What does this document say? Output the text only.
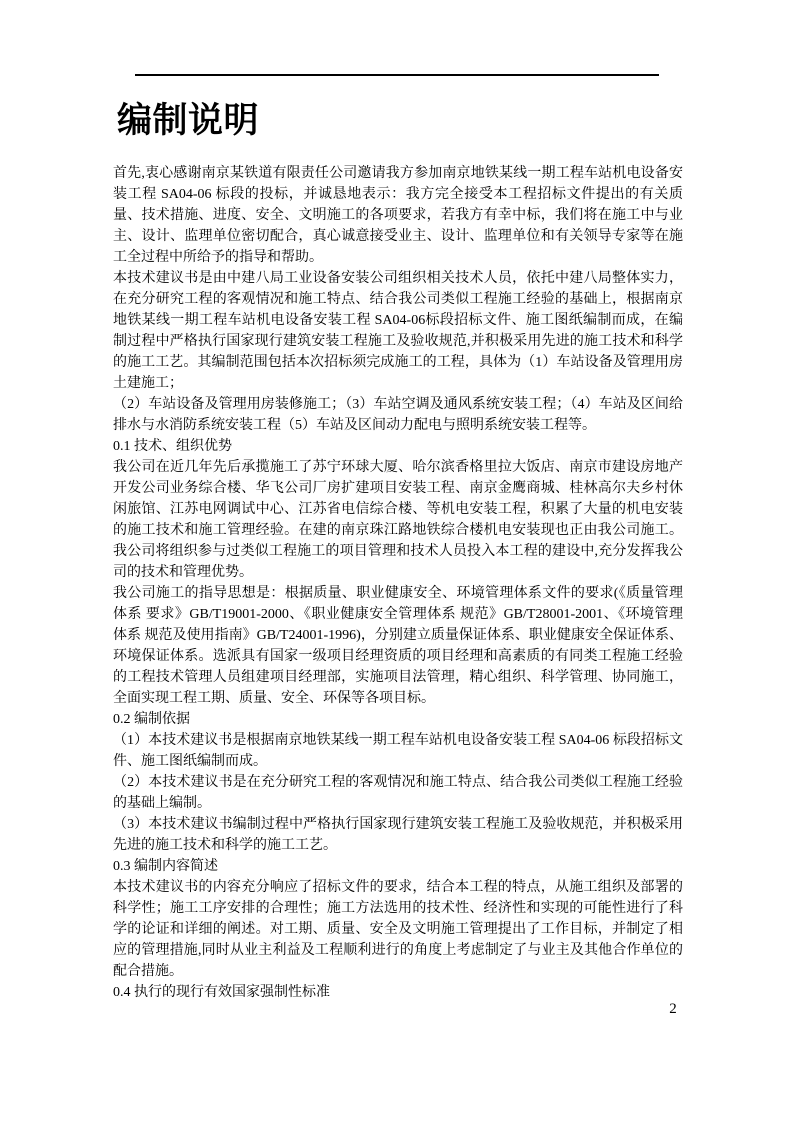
编制说明

首先,衷心感谢南京某铁道有限责任公司邀请我方参加南京地铁某线一期工程车站机电设备安装工程 SA04-06 标段的投标，并诚恳地表示：我方完全接受本工程招标文件提出的有关质量、技术措施、进度、安全、文明施工的各项要求，若我方有幸中标，我们将在施工中与业主、设计、监理单位密切配合，真心诚意接受业主、设计、监理单位和有关领导专家等在施工全过程中所给予的指导和帮助。

本技术建议书是由中建八局工业设备安装公司组织相关技术人员，依托中建八局整体实力，在充分研究工程的客观情况和施工特点、结合我公司类似工程施工经验的基础上，根据南京地铁某线一期工程车站机电设备安装工程 SA04-06标段招标文件、施工图纸编制而成，在编制过程中严格执行国家现行建筑安装工程施工及验收规范,并积极采用先进的施工技术和科学的施工工艺。其编制范围包括本次招标须完成施工的工程，具体为（1）车站设备及管理用房土建施工；

（2）车站设备及管理用房装修施工；（3）车站空调及通风系统安装工程；（4）车站及区间给排水与水消防系统安装工程（5）车站及区间动力配电与照明系统安装工程等。

0.1 技术、组织优势

我公司在近几年先后承揽施工了苏宁环球大厦、哈尔滨香格里拉大饭店、南京市建设房地产开发公司业务综合楼、华飞公司厂房扩建项目安装工程、南京金鹰商城、桂林高尔夫乡村休闲旅馆、江苏电网调试中心、江苏省电信综合楼、等机电安装工程，积累了大量的机电安装的施工技术和施工管理经验。在建的南京珠江路地铁综合楼机电安装现也正由我公司施工。我公司将组织参与过类似工程施工的项目管理和技术人员投入本工程的建设中,充分发挥我公司的技术和管理优势。

我公司施工的指导思想是：根据质量、职业健康安全、环境管理体系文件的要求(《质量管理体系 要求》GB/T19001-2000、《职业健康安全管理体系 规范》GB/T28001-2001、《环境管理体系 规范及使用指南》GB/T24001-1996)，分别建立质量保证体系、职业健康安全保证体系、环境保证体系。选派具有国家一级项目经理资质的项目经理和高素质的有同类工程施工经验的工程技术管理人员组建项目经理部，实施项目法管理，精心组织、科学管理、协同施工，全面实现工程工期、质量、安全、环保等各项目标。

0.2 编制依据

（1）本技术建议书是根据南京地铁某线一期工程车站机电设备安装工程 SA04-06 标段招标文件、施工图纸编制而成。

（2）本技术建议书是在充分研究工程的客观情况和施工特点、结合我公司类似工程施工经验的基础上编制。

（3）本技术建议书编制过程中严格执行国家现行建筑安装工程施工及验收规范，并积极采用先进的施工技术和科学的施工工艺。

0.3 编制内容简述

本技术建议书的内容充分响应了招标文件的要求，结合本工程的特点，从施工组织及部署的科学性；施工工序安排的合理性；施工方法选用的技术性、经济性和实现的可能性进行了科学的论证和详细的阐述。对工期、质量、安全及文明施工管理提出了工作目标，并制定了相应的管理措施,同时从业主利益及工程顺利进行的角度上考虑制定了与业主及其他合作单位的配合措施。

0.4 执行的现行有效国家强制性标准

2
